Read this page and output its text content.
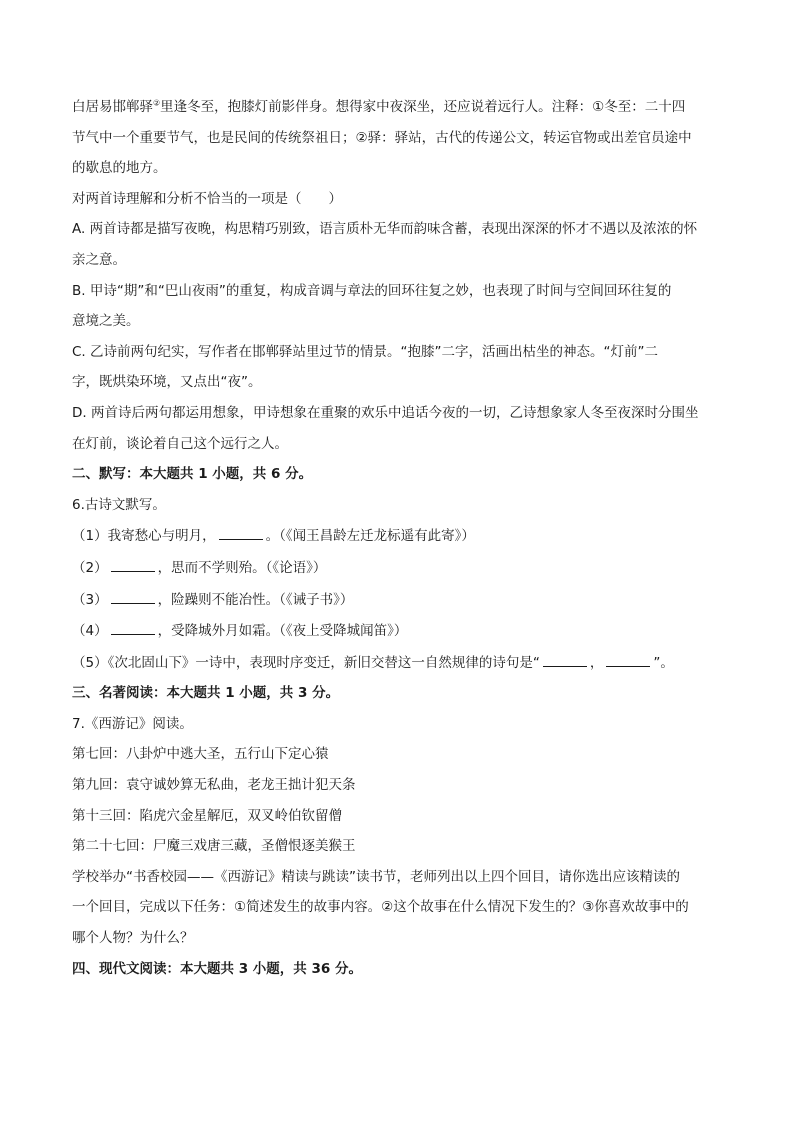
白居易邯郸驿②里逢冬至，抱膝灯前影伴身。想得家中夜深坐，还应说着远行人。注释：①冬至：二十四

节气中一个重要节气，也是民间的传统祭祖日；②驿：驿站，古代的传递公文，转运官物或出差官员途中

的歇息的地方。

对两首诗理解和分析不恰当的一项是（　　）

A. 两首诗都是描写夜晚，构思精巧别致，语言质朴无华而韵味含蓄，表现出深深的怀才不遇以及浓浓的怀

亲之意。

B. 甲诗“期”和“巴山夜雨”的重复，构成音调与章法的回环往复之妙，也表现了时间与空间回环往复的

意境之美。

C. 乙诗前两句纪实，写作者在邯郸驿站里过节的情景。“抱膝”二字，活画出枯坐的神态。“灯前”二

字，既烘染环境，又点出“夜”。

D. 两首诗后两句都运用想象，甲诗想象在重聚的欢乐中追话今夜的一切，乙诗想象家人冬至夜深时分围坐

在灯前，谈论着自己这个远行之人。

二、默写：本大题共 1 小题，共 6 分。

6.古诗文默写。

（1）我寄愁心与明月，	。（《闻王昌龄左迁龙标遥有此寄》）

（2）	，思而不学则殆。（《论语》）

（3）	，险躁则不能冶性。（《诫子书》）

（4）	，受降城外月如霜。（《夜上受降城闻笛》）

（5）《次北固山下》一诗中，表现时序变迁，新旧交替这一自然规律的诗句是“	，	”。

三、名著阅读：本大题共 1 小题，共 3 分。

7.《西游记》阅读。

第七回：八卦炉中逃大圣，五行山下定心猿

第九回：袁守诚妙算无私曲，老龙王拙计犯天条

第十三回：陷虎穴金星解厄，双叉岭伯钦留僧

第二十七回：尸魔三戏唐三藏，圣僧恨逐美猴王

学校举办“书香校园——《西游记》精读与跳读”读书节，老师列出以上四个回目，请你选出应该精读的

一个回目，完成以下任务：①简述发生的故事内容。②这个故事在什么情况下发生的？③你喜欢故事中的

哪个人物？为什么？

四、现代文阅读：本大题共 3 小题，共 36 分。
